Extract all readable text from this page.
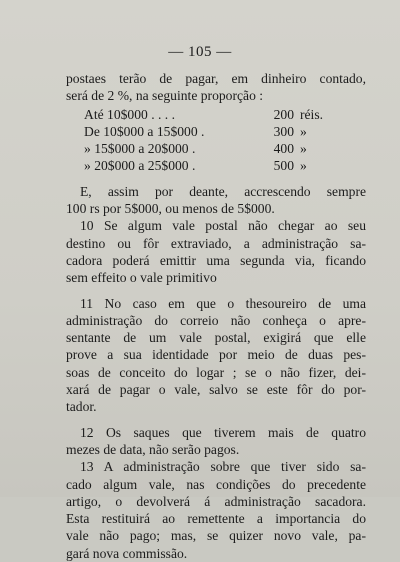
— 105 —
postaes terão de pagar, em dinheiro contado,
será de 2 %, na seguinte proporção :
Até 10$000 . . . .	200 réis.
De 10$000 a 15$000 .	300 »
» 15$000 a 20$000 .	400 »
» 20$000 a 25$000 .	500 »
E, assim por deante, accrescendo sempre
100 rs por 5$000, ou menos de 5$000.
10 Se algum vale postal não chegar ao seu
destino ou fôr extraviado, a administração sa-
cadora poderá emittir uma segunda via, ficando
sem effeito o vale primitivo
11 No caso em que o thesoureiro de uma
administração do correio não conheça o apre-
sentante de um vale postal, exigirá que elle
prove a sua identidade por meio de duas pes-
soas de conceito do logar ; se o não fizer, dei-
xará de pagar o vale, salvo se este fôr do por-
tador.
12 Os saques que tiverem mais de quatro
mezes de data, não serão pagos.
13 A administração sobre que tiver sido sa-
cado algum vale, nas condições do precedente
artigo, o devolverá á administração sacadora.
Esta restituirá ao remettente a importancia do
vale não pago; mas, se quizer novo vale, pa-
gará nova commissão.
